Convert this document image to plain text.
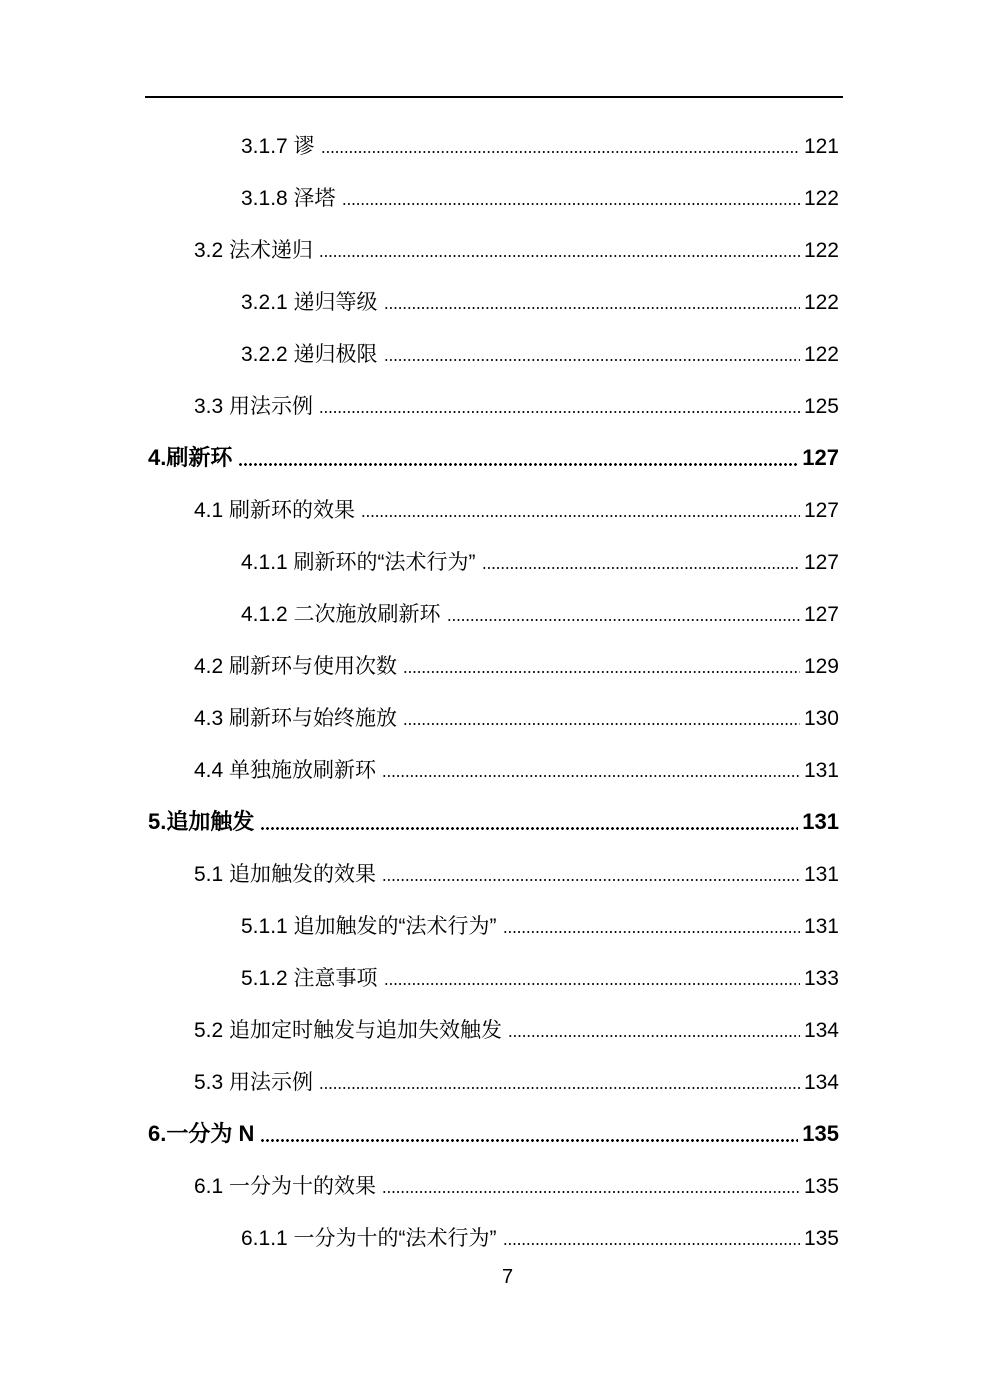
3.1.7 谬	121
3.1.8 泽塔	122
3.2 法术递归	122
3.2.1 递归等级	122
3.2.2 递归极限	122
3.3 用法示例	125
4.刷新环	127
4.1 刷新环的效果	127
4.1.1 刷新环的“法术行为”	127
4.1.2 二次施放刷新环	127
4.2 刷新环与使用次数	129
4.3 刷新环与始终施放	130
4.4 单独施放刷新环	131
5.追加触发	131
5.1 追加触发的效果	131
5.1.1 追加触发的“法术行为”	131
5.1.2 注意事项	133
5.2 追加定时触发与追加失效触发	134
5.3 用法示例	134
6.一分为 N	135
6.1 一分为十的效果	135
6.1.1 一分为十的“法术行为”	135
7
